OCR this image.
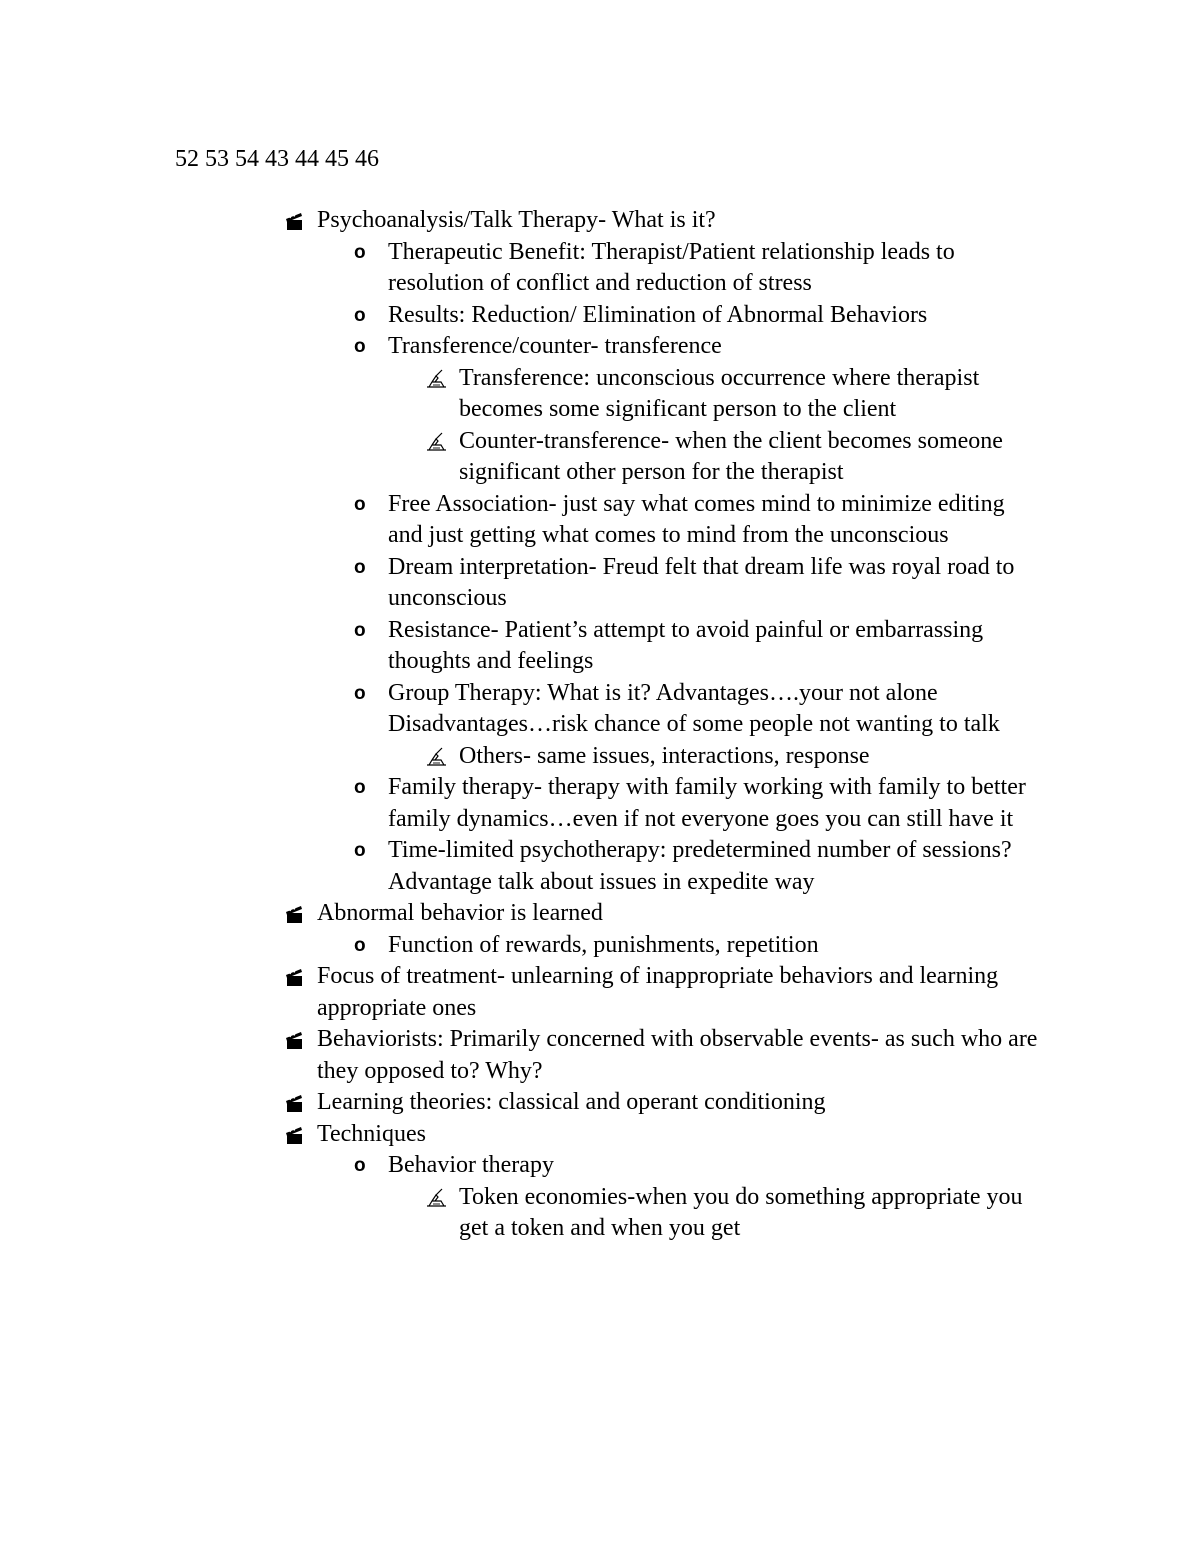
52 53 54 43 44 45 46
Psychoanalysis/Talk Therapy- What is it?
o Therapeutic Benefit: Therapist/Patient relationship leads to resolution of conflict and reduction of stress
o Results: Reduction/ Elimination of Abnormal Behaviors
o Transference/counter- transference
Transference: unconscious occurrence where therapist becomes some significant person to the client
Counter-transference- when the client becomes someone significant other person for the therapist
o Free Association- just say what comes mind to minimize editing and just getting what comes to mind from the unconscious
o Dream interpretation- Freud felt that dream life was royal road to unconscious
o Resistance- Patient’s attempt to avoid painful or embarrassing thoughts and feelings
o Group Therapy: What is it? Advantages….your not alone Disadvantages…risk chance of some people not wanting to talk
Others- same issues, interactions, response
o Family therapy- therapy with family working with family to better family dynamics…even if not everyone goes you can still have it
o Time-limited psychotherapy: predetermined number of sessions? Advantage talk about issues in expedite way
Abnormal behavior is learned
o Function of rewards, punishments, repetition
Focus of treatment- unlearning of inappropriate behaviors and learning appropriate ones
Behaviorists: Primarily concerned with observable events- as such who are they opposed to? Why?
Learning theories: classical and operant conditioning
Techniques
o Behavior therapy
Token economies-when you do something appropriate you get a token and when you get
